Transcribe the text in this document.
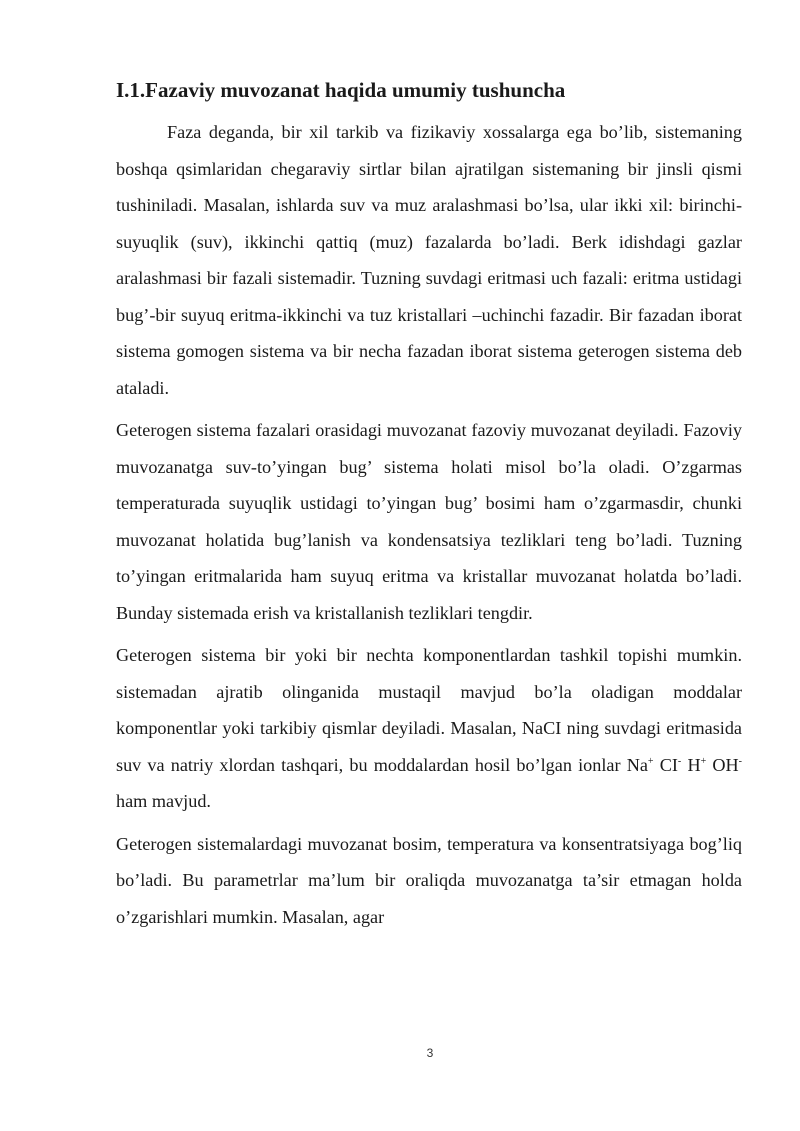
I.1.Fazaviy muvozanat haqida umumiy tushuncha

Faza deganda, bir xil tarkib va fizikaviy xossalarga ega bo’lib, sistemaning boshqa qsimlaridan chegaraviy sirtlar bilan ajratilgan sistemaning bir jinsli qismi tushiniladi. Masalan, ishlarda suv va muz aralashmasi bo’lsa, ular ikki xil: birinchi-suyuqlik (suv), ikkinchi qattiq (muz) fazalarda bo’ladi. Berk idishdagi gazlar aralashmasi bir fazali sistemadir. Tuzning suvdagi eritmasi uch fazali: eritma ustidagi bug’-bir suyuq eritma-ikkinchi va tuz kristallari –uchinchi fazadir. Bir fazadan iborat sistema gomogen sistema va bir necha fazadan iborat sistema geterogen sistema deb ataladi.

Geterogen sistema fazalari orasidagi muvozanat fazoviy muvozanat deyiladi. Fazoviy muvozanatga suv-to’yingan bug’ sistema holati misol bo’la oladi. O’zgarmas temperaturada suyuqlik ustidagi to’yingan bug’ bosimi ham o’zgarmasdir, chunki muvozanat holatida bug’lanish va kondensatsiya tezliklari teng bo’ladi. Tuzning to’yingan eritmalarida ham suyuq eritma va kristallar muvozanat holatda bo’ladi. Bunday sistemada erish va kristallanish tezliklari tengdir.

Geterogen sistema bir yoki bir nechta komponentlardan tashkil topishi mumkin. sistemadan ajratib olinganida mustaqil mavjud bo’la oladigan moddalar komponentlar yoki tarkibiy qismlar deyiladi. Masalan, NaCI ning suvdagi eritmasida suv va natriy xlordan tashqari, bu moddalardan hosil bo’lgan ionlar Na+ CI- H+ OH- ham mavjud.

Geterogen sistemalardagi muvozanat bosim, temperatura va konsentratsiyaga bog’liq bo’ladi. Bu parametrlar ma’lum bir oraliqda muvozanatga ta’sir etmagan holda o’zgarishlari mumkin. Masalan, agar

3
